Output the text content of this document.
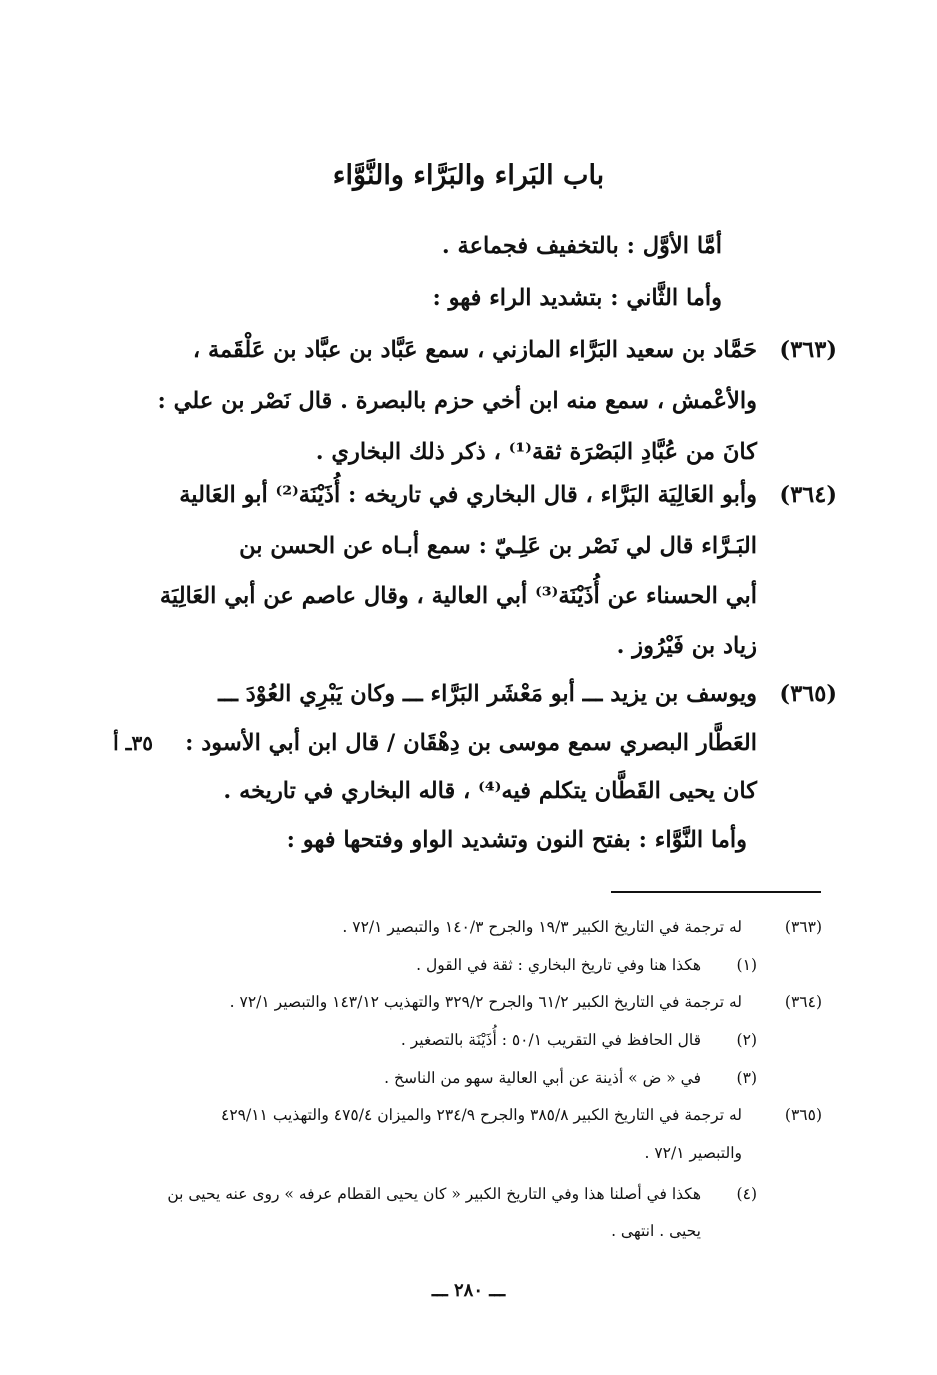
باب البَراء والبَرَّاء والنَّوَّاء
أمَّا الأوَّل : بالتخفيف فجماعة .
وأما الثَّاني : بتشديد الراء فهو :
(٣٦٣)
حَمَّاد بن سعيد البَرَّاء المازني ، سمع عَبَّاد بن عبَّاد بن عَلْقَمة ،
والأعْمش ، سمع منه ابن أخي حزم بالبصرة . قال نَصْر بن علي :
كانَ من عُبَّادِ البَصْرَة ثقة⁽¹⁾ ، ذكر ذلك البخاري .
(٣٦٤)
وأبو العَالِيَة البَرَّاء ، قال البخاري في تاريخه : أُذَيْنَة⁽²⁾ أبو العَالية
البَـرَّاء قال لي نَصْر بن عَلِـيّ : سمع أبـاه عن الحسن بن
أبي الحسناء عن أُذَيْنَة⁽³⁾ أبي العالية ، وقال عاصم عن أبي العَالِيَة
زياد بن فَيْرُوز .
(٣٦٥)
ويوسف بن يزيد ـــ أبو مَعْشَر البَرَّاء ـــ وكان يَبْرِي العُوْدَ ـــ
العَطَّار البصري سمع موسى بن دِهْقَان / قال ابن أبي الأسود :
٣٥ـ أ
كان يحيى القَطَّان يتكلم فيه⁽⁴⁾ ، قاله البخاري في تاريخه .
وأما النَّوَّاء : بفتح النون وتشديد الواو وفتحها فهو :
(٣٦٣)
له ترجمة في التاريخ الكبير ١٩/٣ والجرح ١٤٠/٣ والتبصير ٧٢/١ .
(١)
هكذا هنا وفي تاريخ البخاري : ثقة في القول .
(٣٦٤)
له ترجمة في التاريخ الكبير ٦١/٢ والجرح ٣٢٩/٢ والتهذيب ١٤٣/١٢ والتبصير ٧٢/١ .
(٢)
قال الحافظ في التقريب ٥٠/١ : أُذَيْنَة بالتصغير .
(٣)
في « ض » أذينة عن أبي العالية سهو من الناسخ .
(٣٦٥)
له ترجمة في التاريخ الكبير ٣٨٥/٨ والجرح ٢٣٤/٩ والميزان ٤٧٥/٤ والتهذيب ٤٢٩/١١
والتبصير ٧٢/١ .
(٤)
هكذا في أصلنا هذا وفي التاريخ الكبير « كان يحيى القطام عرفه » روى عنه يحيى بن
يحيى . انتهى .
ـــ ٢٨٠ ـــ
